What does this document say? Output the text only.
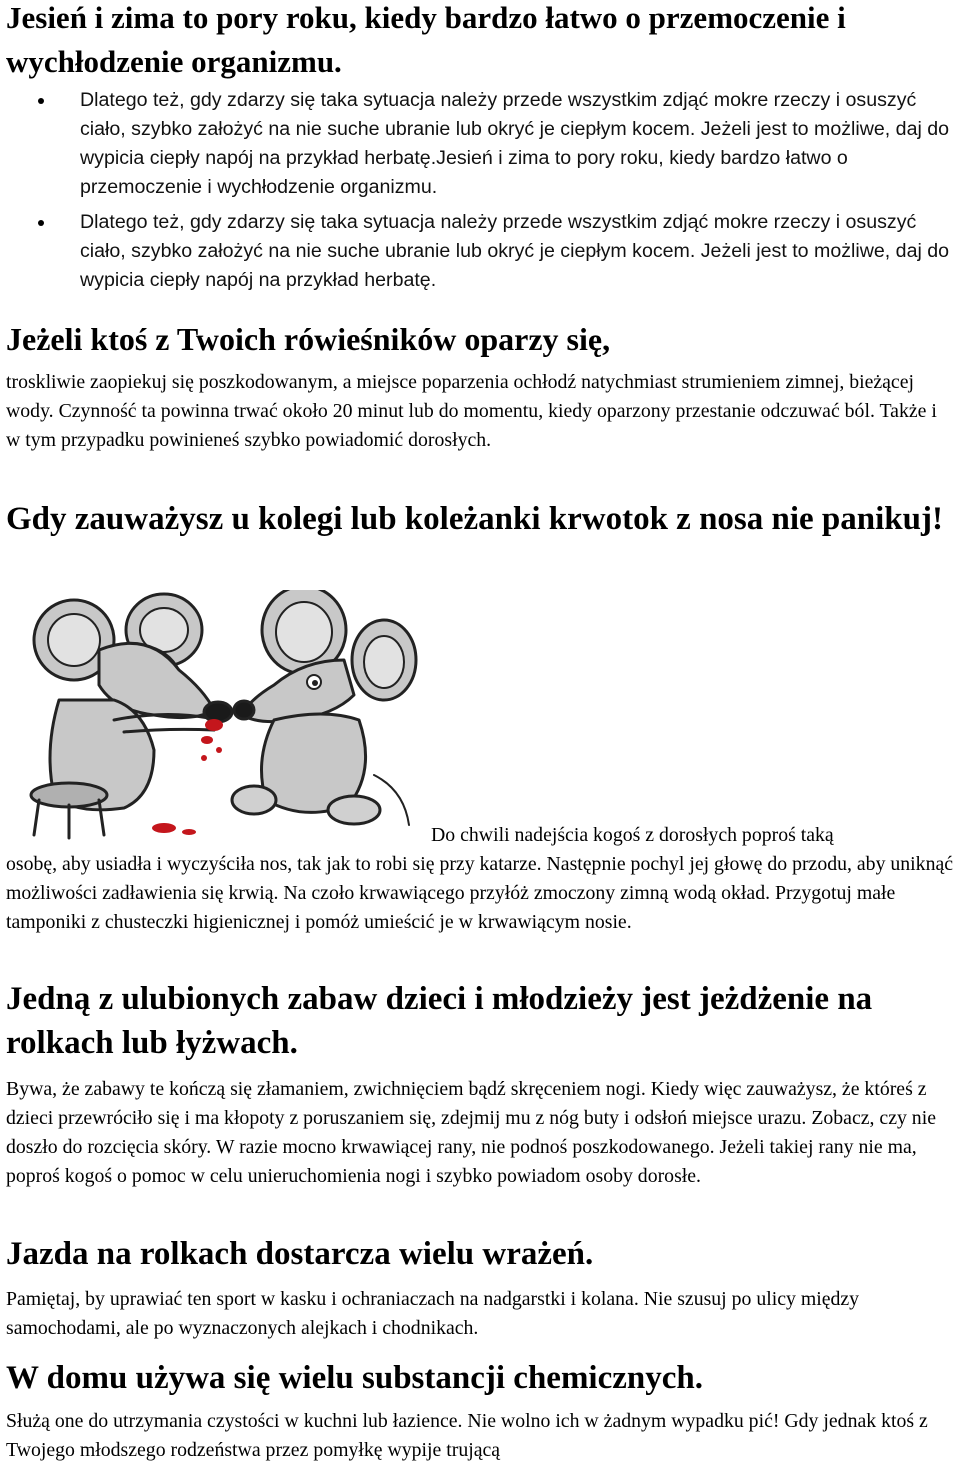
Jesień i zima to pory roku, kiedy bardzo łatwo o przemoczenie i wychłodzenie organizmu.
Dlatego też, gdy zdarzy się taka sytuacja należy przede wszystkim zdjąć mokre rzeczy i osuszyć ciało, szybko założyć na nie suche ubranie lub okryć je ciepłym kocem. Jeżeli jest to możliwe, daj do wypicia ciepły napój na przykład herbatę.Jesień i zima to pory roku, kiedy bardzo łatwo o przemoczenie i wychłodzenie organizmu.
Dlatego też, gdy zdarzy się taka sytuacja należy przede wszystkim zdjąć mokre rzeczy i osuszyć ciało, szybko założyć na nie suche ubranie lub okryć je ciepłym kocem. Jeżeli jest to możliwe, daj do wypicia ciepły napój na przykład herbatę.
Jeżeli ktoś z Twoich rówieśników oparzy się,
troskliwie zaopiekuj się poszkodowanym, a miejsce poparzenia ochłodź natychmiast strumieniem zimnej, bieżącej wody. Czynność ta powinna trwać około 20 minut lub do momentu, kiedy oparzony przestanie odczuwać ból. Także i w tym przypadku powinieneś szybko powiadomić dorosłych.
Gdy zauważysz u kolegi lub koleżanki krwotok z nosa nie panikuj!
Do chwili nadejścia kogoś z dorosłych poproś taką
osobę, aby usiadła i wyczyściła nos, tak jak to robi się przy katarze. Następnie pochyl jej głowę do przodu, aby uniknąć możliwości zadławienia się krwią. Na czoło krwawiącego przyłóż zmoczony zimną wodą okład. Przygotuj małe tamponiki z chusteczki higienicznej i pomóż umieścić je w krwawiącym nosie.
Jedną z ulubionych zabaw dzieci i młodzieży jest jeżdżenie na rolkach lub łyżwach.
Bywa, że zabawy te kończą się złamaniem, zwichnięciem bądź skręceniem nogi. Kiedy więc zauważysz, że któreś z dzieci przewróciło się i ma kłopoty z poruszaniem się, zdejmij mu z nóg buty i odsłoń miejsce urazu. Zobacz, czy nie doszło do rozcięcia skóry. W razie mocno krwawiącej rany, nie podnoś poszkodowanego. Jeżeli takiej rany nie ma, poproś kogoś o pomoc w celu unieruchomienia nogi i szybko powiadom osoby dorosłe.
Jazda na rolkach dostarcza wielu wrażeń.
Pamiętaj, by uprawiać ten sport w kasku i ochraniaczach na nadgarstki i kolana. Nie szusuj po ulicy między samochodami, ale po wyznaczonych alejkach i chodnikach.
W domu używa się wielu substancji chemicznych.
Służą one do utrzymania czystości w kuchni lub łazience. Nie wolno ich w żadnym wypadku pić! Gdy jednak ktoś z Twojego młodszego rodzeństwa przez pomyłkę wypije trującą
